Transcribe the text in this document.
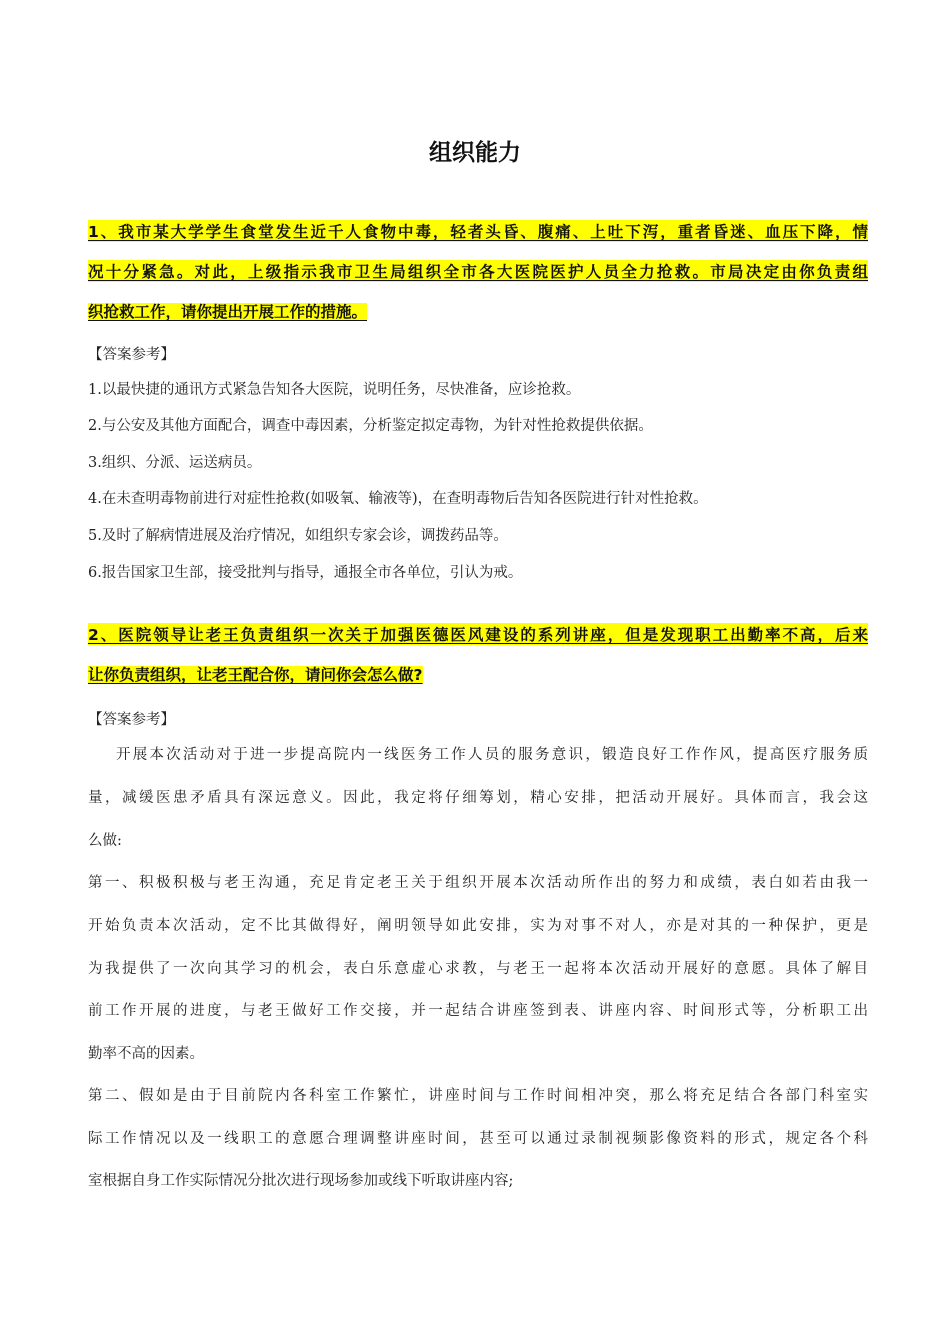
组织能力
1、我市某大学学生食堂发生近千人食物中毒，轻者头昏、腹痛、上吐下泻，重者昏迷、血压下降，情
况十分紧急。对此，上级指示我市卫生局组织全市各大医院医护人员全力抢救。市局决定由你负责组
织抢救工作，请你提出开展工作的措施。
【答案参考】
1.以最快捷的通讯方式紧急告知各大医院，说明任务，尽快准备，应诊抢救。
2.与公安及其他方面配合，调查中毒因素，分析鉴定拟定毒物，为针对性抢救提供依据。
3.组织、分派、运送病员。
4.在未查明毒物前进行对症性抢救(如吸氧、输液等)，在查明毒物后告知各医院进行针对性抢救。
5.及时了解病情进展及治疗情况，如组织专家会诊，调拨药品等。
6.报告国家卫生部，接受批判与指导，通报全市各单位，引认为戒。
2、医院领导让老王负责组织一次关于加强医德医风建设的系列讲座，但是发现职工出勤率不高，后来
让你负责组织，让老王配合你，请问你会怎么做?
【答案参考】
开展本次活动对于进一步提高院内一线医务工作人员的服务意识，锻造良好工作作风，提高医疗服务质
量，减缓医患矛盾具有深远意义。因此，我定将仔细筹划，精心安排，把活动开展好。具体而言，我会这
么做:
第一、积极积极与老王沟通，充足肯定老王关于组织开展本次活动所作出的努力和成绩，表白如若由我一
开始负责本次活动，定不比其做得好，阐明领导如此安排，实为对事不对人，亦是对其的一种保护，更是
为我提供了一次向其学习的机会，表白乐意虚心求教，与老王一起将本次活动开展好的意愿。具体了解目
前工作开展的进度，与老王做好工作交接，并一起结合讲座签到表、讲座内容、时间形式等，分析职工出
勤率不高的因素。
第二、假如是由于目前院内各科室工作繁忙，讲座时间与工作时间相冲突，那么将充足结合各部门科室实
际工作情况以及一线职工的意愿合理调整讲座时间，甚至可以通过录制视频影像资料的形式，规定各个科
室根据自身工作实际情况分批次进行现场参加或线下听取讲座内容;
